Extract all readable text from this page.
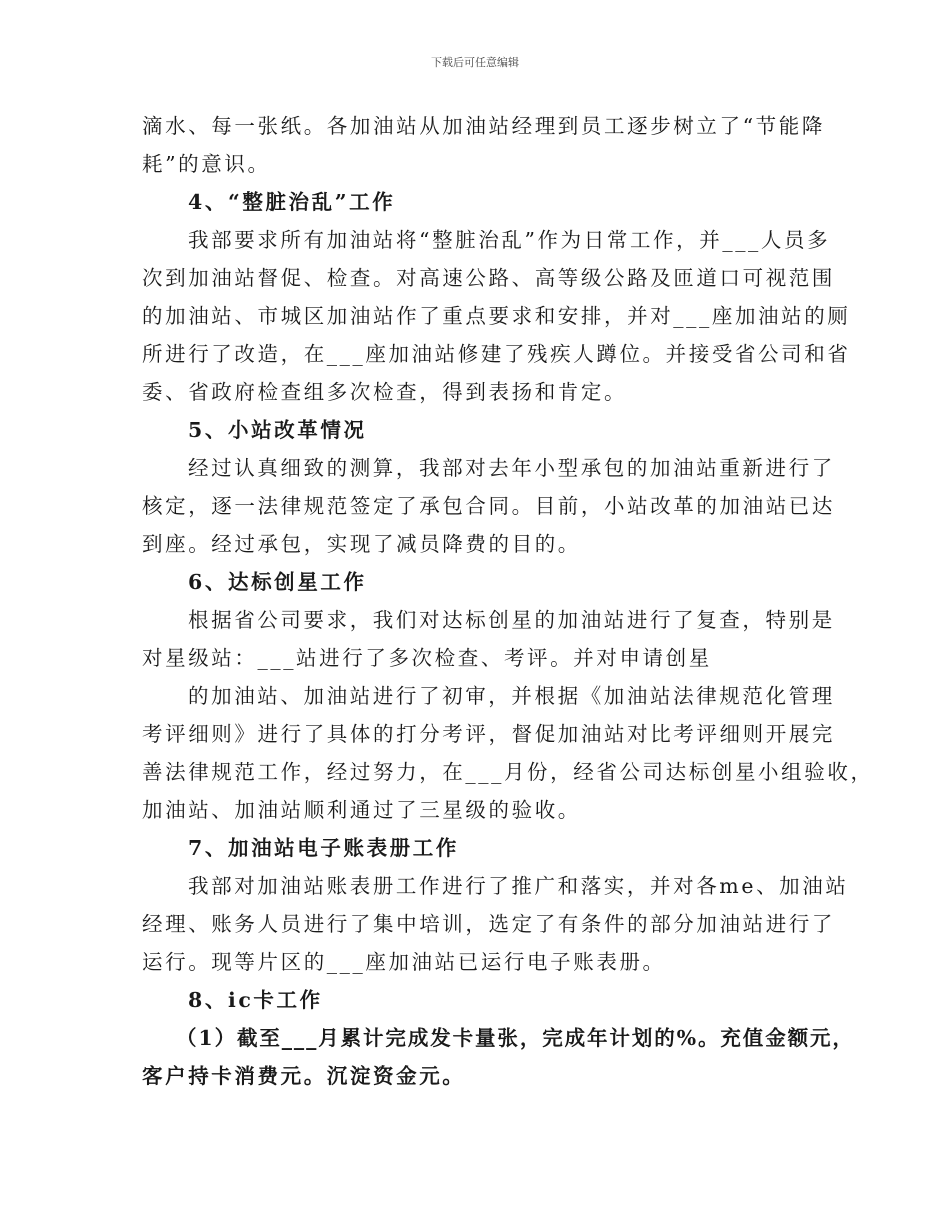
下载后可任意编辑
滴水、每一张纸。各加油站从加油站经理到员工逐步树立了“节能降
耗”的意识。
4、“整脏治乱”工作
我部要求所有加油站将“整脏治乱”作为日常工作，并___人员多
次到加油站督促、检查。对高速公路、高等级公路及匝道口可视范围
的加油站、市城区加油站作了重点要求和安排，并对___座加油站的厕
所进行了改造，在___座加油站修建了残疾人蹲位。并接受省公司和省
委、省政府检查组多次检查，得到表扬和肯定。
5、小站改革情况
经过认真细致的测算，我部对去年小型承包的加油站重新进行了
核定，逐一法律规范签定了承包合同。目前，小站改革的加油站已达
到座。经过承包，实现了减员降费的目的。
6、达标创星工作
根据省公司要求，我们对达标创星的加油站进行了复查，特别是
对星级站：___站进行了多次检查、考评。并对申请创星
的加油站、加油站进行了初审，并根据《加油站法律规范化管理
考评细则》进行了具体的打分考评，督促加油站对比考评细则开展完
善法律规范工作，经过努力，在___月份，经省公司达标创星小组验收，
加油站、加油站顺利通过了三星级的验收。
7、加油站电子账表册工作
我部对加油站账表册工作进行了推广和落实，并对各me、加油站
经理、账务人员进行了集中培训，选定了有条件的部分加油站进行了
运行。现等片区的___座加油站已运行电子账表册。
8、ic卡工作
（1）截至___月累计完成发卡量张，完成年计划的%。充值金额元，
客户持卡消费元。沉淀资金元。
